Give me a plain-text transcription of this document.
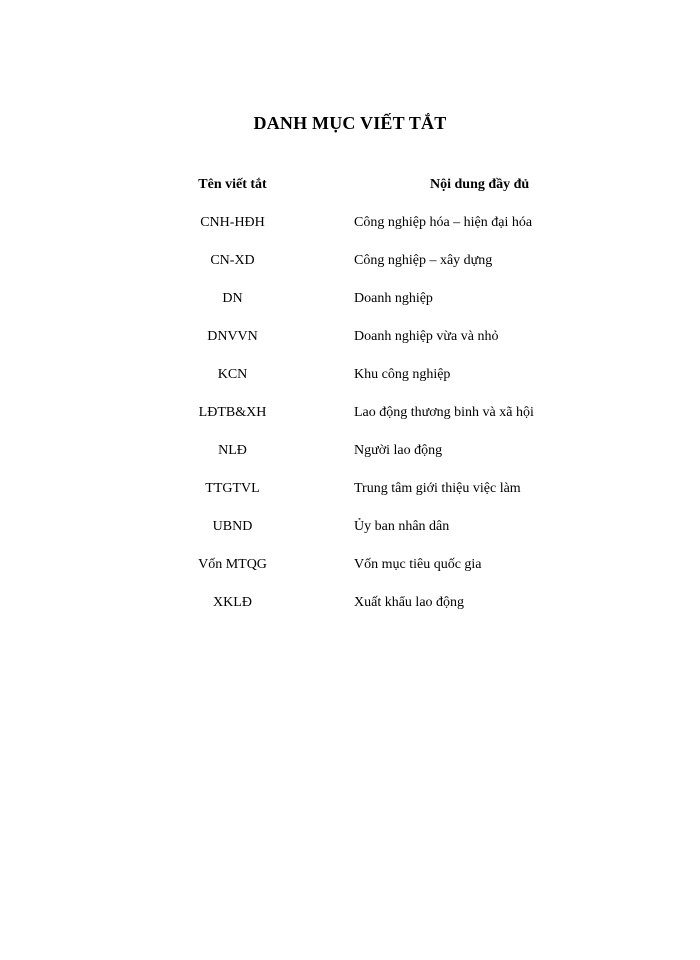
DANH MỤC VIẾT TẮT
Tên viết tắt	Nội dung đầy đủ
CNH-HĐH	Công nghiệp hóa – hiện đại hóa
CN-XD	Công nghiệp – xây dựng
DN	Doanh nghiệp
DNVVN	Doanh nghiệp vừa và nhỏ
KCN	Khu công nghiệp
LĐTB&XH	Lao động thương binh và xã hội
NLĐ	Người lao động
TTGTVL	Trung tâm giới thiệu việc làm
UBND	Ủy ban nhân dân
Vốn MTQG	Vốn mục tiêu quốc gia
XKLĐ	Xuất khẩu lao động
